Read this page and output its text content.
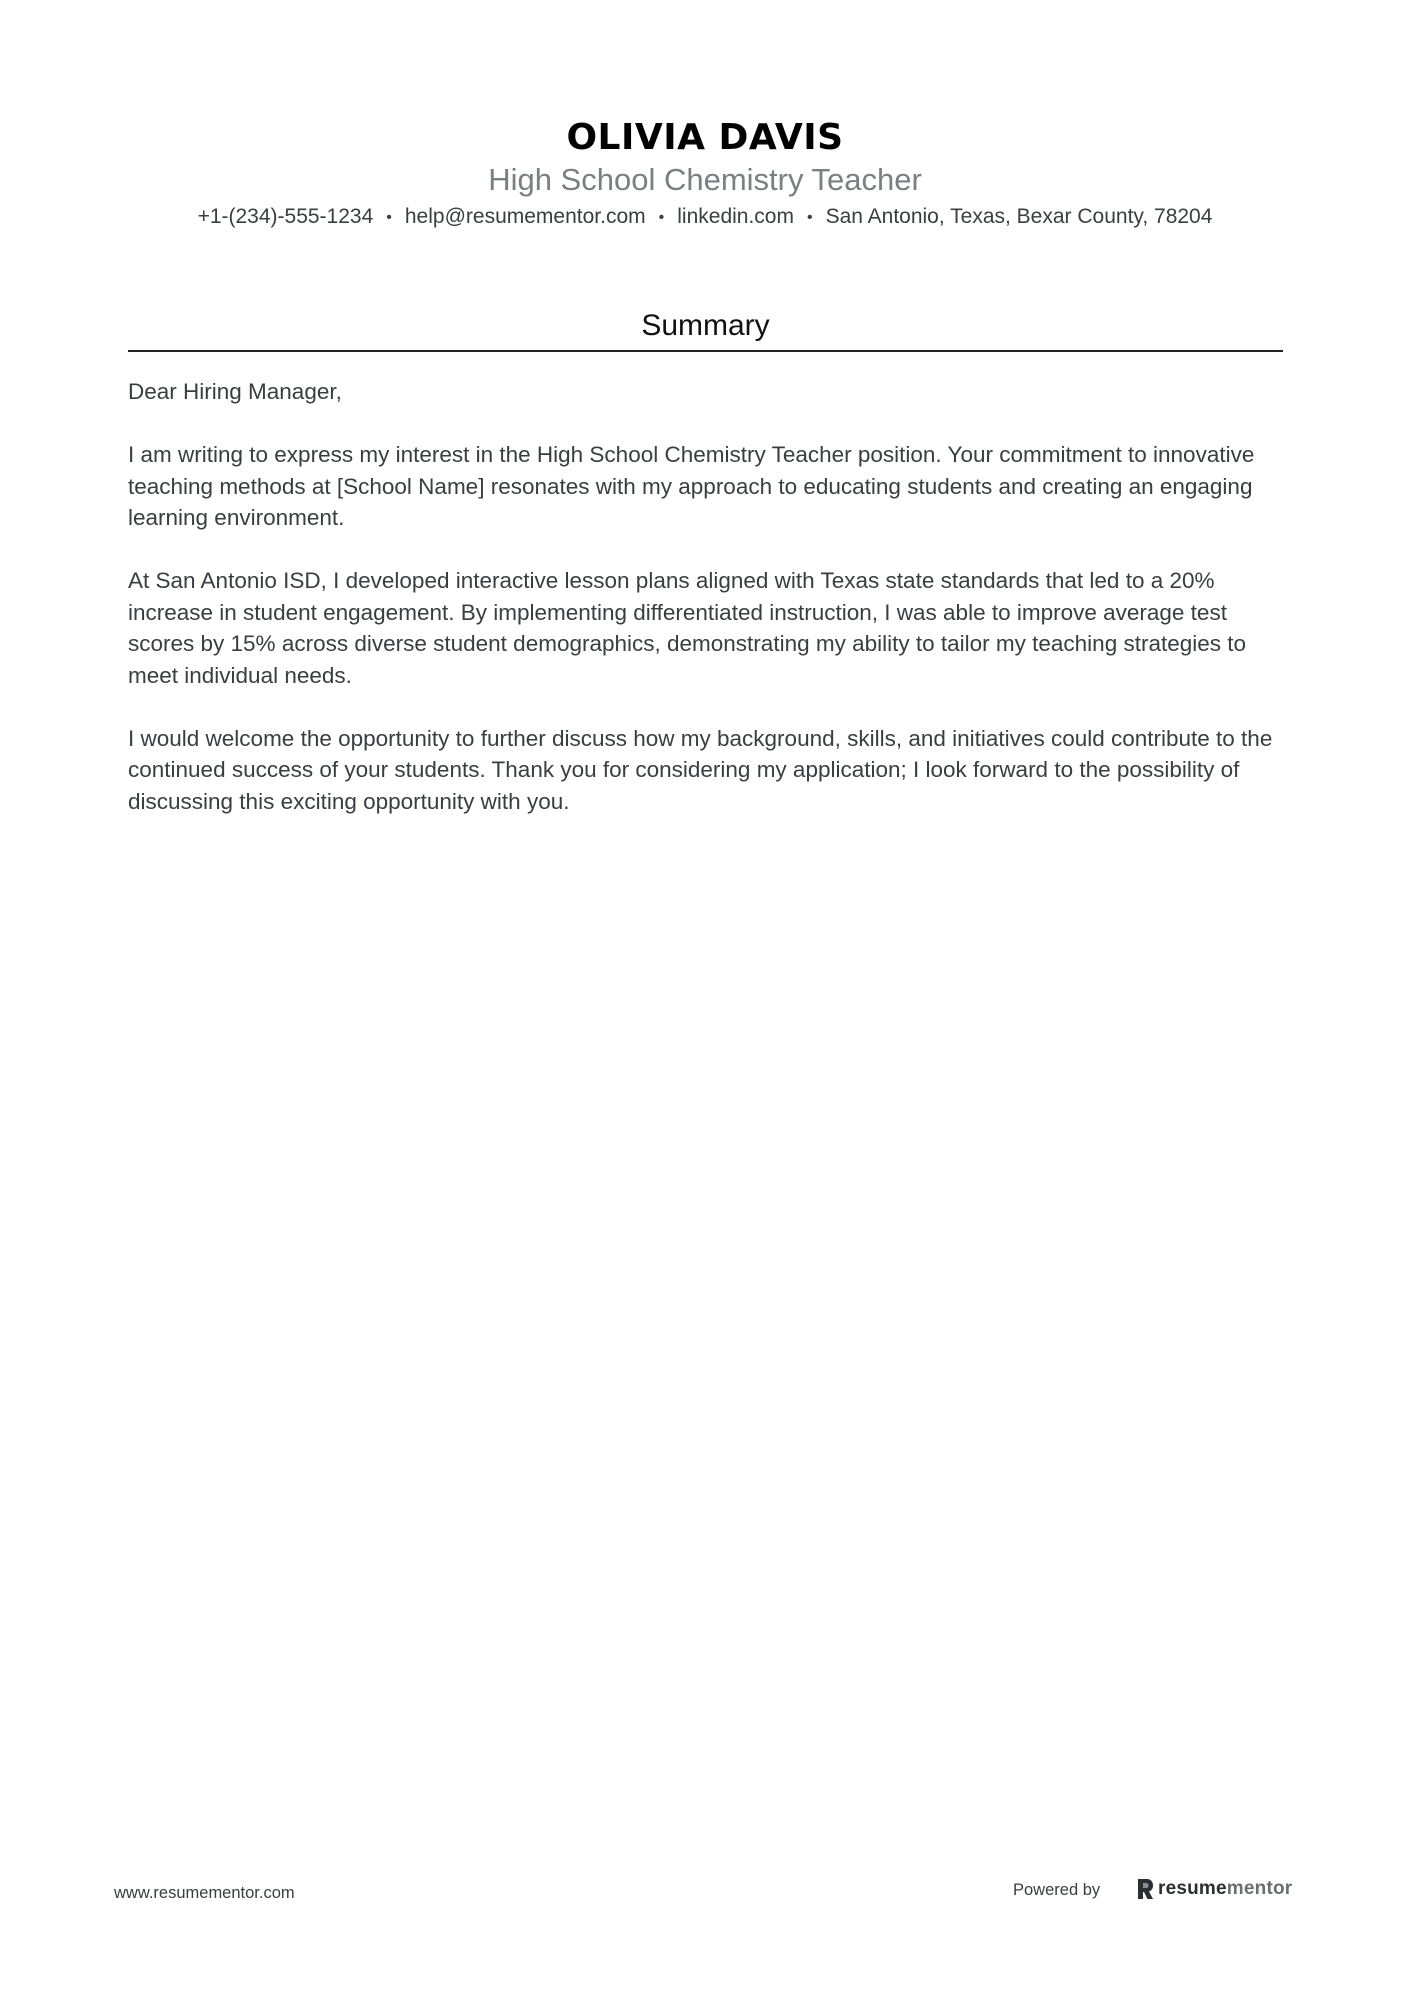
OLIVIA DAVIS
High School Chemistry Teacher
+1-(234)-555-1234 • help@resumementor.com • linkedin.com • San Antonio, Texas, Bexar County, 78204
Summary

Dear Hiring Manager,

I am writing to express my interest in the High School Chemistry Teacher position. Your commitment to innovative teaching methods at [School Name] resonates with my approach to educating students and creating an engaging learning environment.

At San Antonio ISD, I developed interactive lesson plans aligned with Texas state standards that led to a 20% increase in student engagement. By implementing differentiated instruction, I was able to improve average test scores by 15% across diverse student demographics, demonstrating my ability to tailor my teaching strategies to meet individual needs.

I would welcome the opportunity to further discuss how my background, skills, and initiatives could contribute to the continued success of your students. Thank you for considering my application; I look forward to the possibility of discussing this exciting opportunity with you.

www.resumementor.com	Powered by	resumementor
